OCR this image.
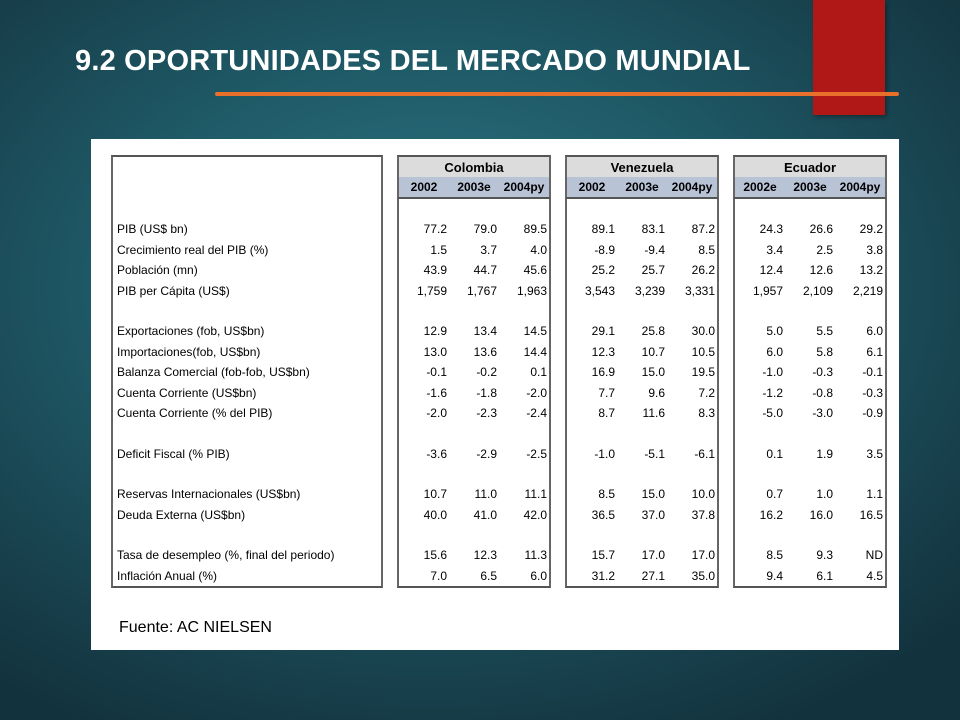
9.2 OPORTUNIDADES DEL MERCADO MUNDIAL
		Colombia				Venezuela				Ecuador		
		2002	2003e	2004py		2002	2003e	2004py		2002e	2003e	2004py

PIB (US$ bn)		77.2	79.0	89.5		89.1	83.1	87.2		24.3	26.6	29.2
Crecimiento real del PIB (%)		1.5	3.7	4.0		-8.9	-9.4	8.5		3.4	2.5	3.8
Población (mn)		43.9	44.7	45.6		25.2	25.7	26.2		12.4	12.6	13.2
PIB per Cápita (US$)		1,759	1,767	1,963		3,543	3,239	3,331		1,957	2,109	2,219

Exportaciones (fob, US$bn)		12.9	13.4	14.5		29.1	25.8	30.0		5.0	5.5	6.0
Importaciones(fob, US$bn)		13.0	13.6	14.4		12.3	10.7	10.5		6.0	5.8	6.1
Balanza Comercial (fob-fob, US$bn)		-0.1	-0.2	0.1		16.9	15.0	19.5		-1.0	-0.3	-0.1
Cuenta Corriente (US$bn)		-1.6	-1.8	-2.0		7.7	9.6	7.2		-1.2	-0.8	-0.3
Cuenta Corriente (% del PIB)		-2.0	-2.3	-2.4		8.7	11.6	8.3		-5.0	-3.0	-0.9

Deficit Fiscal (% PIB)		-3.6	-2.9	-2.5		-1.0	-5.1	-6.1		0.1	1.9	3.5

Reservas Internacionales (US$bn)		10.7	11.0	11.1		8.5	15.0	10.0		0.7	1.0	1.1
Deuda Externa (US$bn)		40.0	41.0	42.0		36.5	37.0	37.8		16.2	16.0	16.5

Tasa de desempleo (%, final del periodo)		15.6	12.3	11.3		15.7	17.0	17.0		8.5	9.3	ND
Inflación Anual (%)		7.0	6.5	6.0		31.2	27.1	35.0		9.4	6.1	4.5
Fuente: AC NIELSEN
